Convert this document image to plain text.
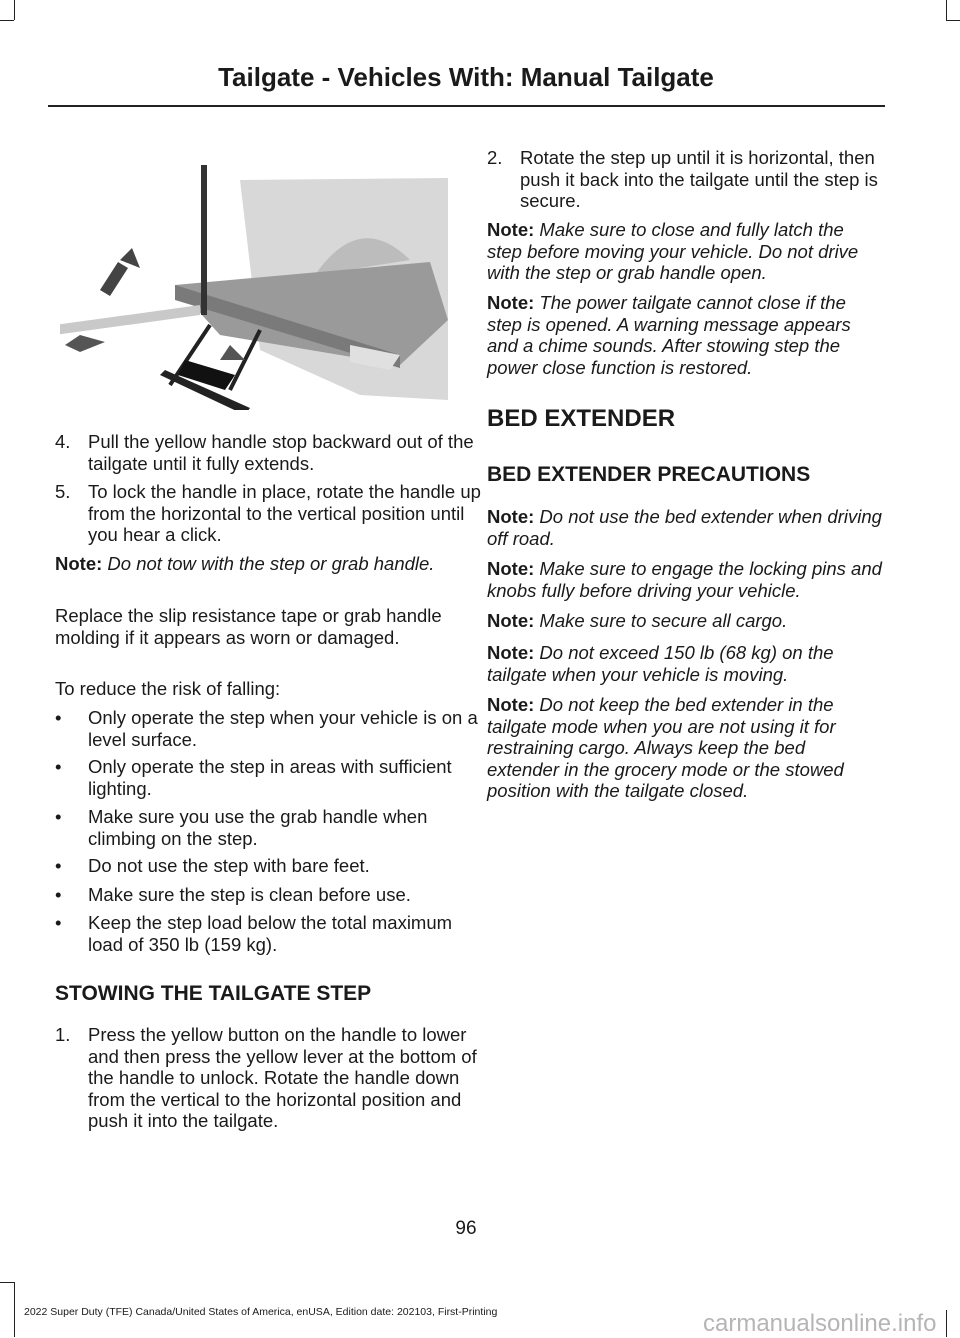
Tailgate - Vehicles With: Manual Tailgate
4. Pull the yellow handle stop backward out of the tailgate until it fully extends.
5. To lock the handle in place, rotate the handle up from the horizontal to the vertical position until you hear a click.
Note: Do not tow with the step or grab handle.
Replace the slip resistance tape or grab handle molding if it appears as worn or damaged.
To reduce the risk of falling:
• Only operate the step when your vehicle is on a level surface.
• Only operate the step in areas with sufficient lighting.
• Make sure you use the grab handle when climbing on the step.
• Do not use the step with bare feet.
• Make sure the step is clean before use.
• Keep the step load below the total maximum load of 350 lb (159 kg).
STOWING THE TAILGATE STEP
1. Press the yellow button on the handle to lower and then press the yellow lever at the bottom of the handle to unlock. Rotate the handle down from the vertical to the horizontal position and push it into the tailgate.
2. Rotate the step up until it is horizontal, then push it back into the tailgate until the step is secure.
Note: Make sure to close and fully latch the step before moving your vehicle. Do not drive with the step or grab handle open.
Note: The power tailgate cannot close if the step is opened. A warning message appears and a chime sounds. After stowing step the power close function is restored.
BED EXTENDER
BED EXTENDER PRECAUTIONS
Note: Do not use the bed extender when driving off road.
Note: Make sure to engage the locking pins and knobs fully before driving your vehicle.
Note: Make sure to secure all cargo.
Note: Do not exceed 150 lb (68 kg) on the tailgate when your vehicle is moving.
Note: Do not keep the bed extender in the tailgate mode when you are not using it for restraining cargo. Always keep the bed extender in the grocery mode or the stowed position with the tailgate closed.
96
2022 Super Duty (TFE) Canada/United States of America, enUSA, Edition date: 202103, First-Printing	carmanualsonline.info
